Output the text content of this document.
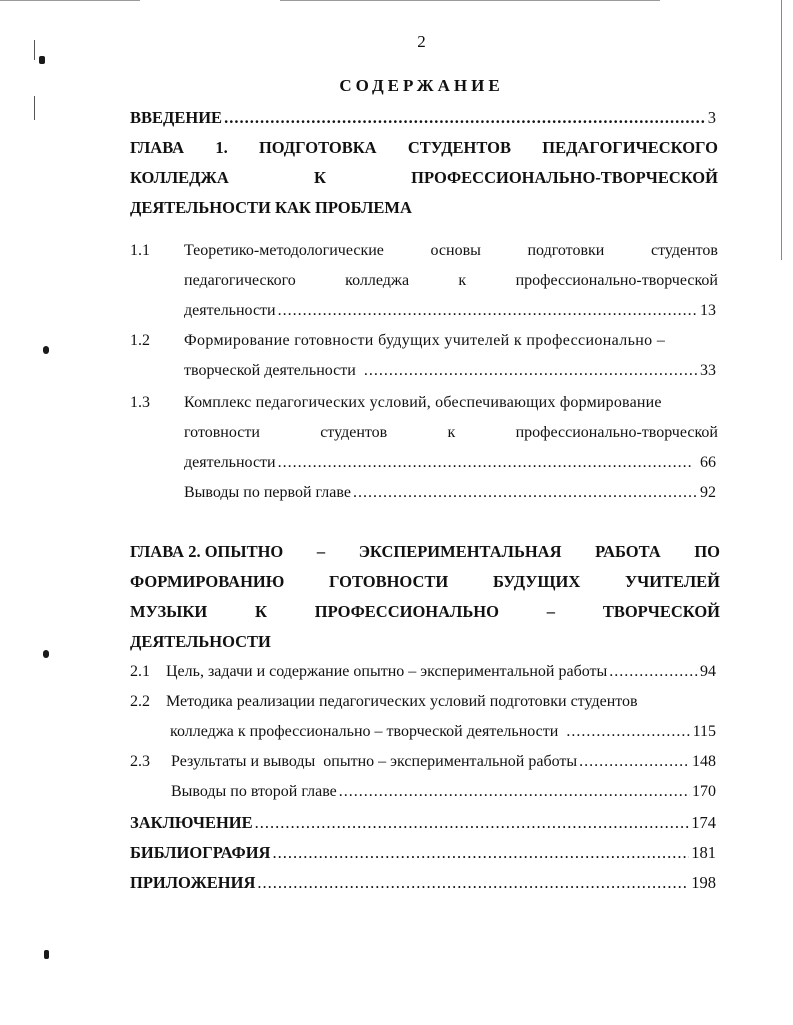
2
СОДЕРЖАНИЕ
ВВЕДЕНИЕ .....	3
ГЛАВА 1. ПОДГОТОВКА СТУДЕНТОВ ПЕДАГОГИЧЕСКОГО
КОЛЛЕДЖА	К	ПРОФЕССИОНАЛЬНО-ТВОРЧЕСКОЙ
ДЕЯТЕЛЬНОСТИ КАК ПРОБЛЕМА
1.1 Теоретико-методологические	основы	подготовки	студентов
педагогического	колледжа	к	профессионально-творческой
деятельности .....	13
1.2 Формирование готовности будущих учителей к профессионально –
творческой деятельности .....	33
1.3 Комплекс педагогических условий, обеспечивающих формирование
готовности	студентов	к	профессионально-творческой
деятельности .....	66
Выводы по первой главе .....	92
ГЛАВА 2. ОПЫТНО – ЭКСПЕРИМЕНТАЛЬНАЯ РАБОТА ПО
ФОРМИРОВАНИЮ	ГОТОВНОСТИ	БУДУЩИХ	УЧИТЕЛЕЙ
МУЗЫКИ	К	ПРОФЕССИОНАЛЬНО	–	ТВОРЧЕСКОЙ
ДЕЯТЕЛЬНОСТИ
2.1 Цель, задачи и содержание опытно – экспериментальной работы .....	94
2.2 Методика реализации педагогических условий подготовки студентов
колледжа к профессионально – творческой деятельности .....	115
2.3 Результаты и выводы  опытно – экспериментальной работы .....	148
Выводы по второй главе .....	170
ЗАКЛЮЧЕНИЕ .....	174
БИБЛИОГРАФИЯ .....	181
ПРИЛОЖЕНИЯ .....	198
